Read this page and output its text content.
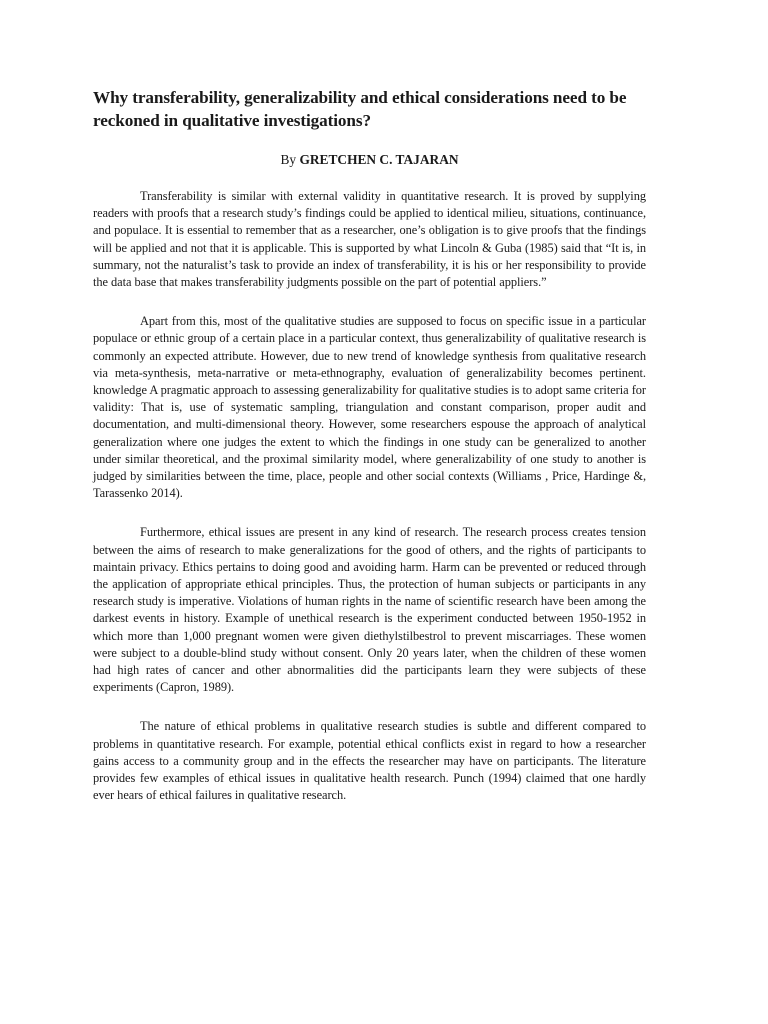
Why transferability, generalizability and ethical considerations need to be reckoned in qualitative investigations?
By GRETCHEN C. TAJARAN

Transferability is similar with external validity in quantitative research. It is proved by supplying readers with proofs that a research study’s findings could be applied to identical milieu, situations, continuance, and populace. It is essential to remember that as a researcher, one’s obligation is to give proofs that the findings will be applied and not that it is applicable. This is supported by what Lincoln & Guba (1985) said that “It is, in summary, not the naturalist’s task to provide an index of transferability, it is his or her responsibility to provide the data base that makes transferability judgments possible on the part of potential appliers.”

Apart from this, most of the qualitative studies are supposed to focus on specific issue in a particular populace or ethnic group of a certain place in a particular context, thus generalizability of qualitative research is commonly an expected attribute. However, due to new trend of knowledge synthesis from qualitative research via meta-synthesis, meta-narrative or meta-ethnography, evaluation of generalizability becomes pertinent. knowledge A pragmatic approach to assessing generalizability for qualitative studies is to adopt same criteria for validity: That is, use of systematic sampling, triangulation and constant comparison, proper audit and documentation, and multi-dimensional theory. However, some researchers espouse the approach of analytical generalization where one judges the extent to which the findings in one study can be generalized to another under similar theoretical, and the proximal similarity model, where generalizability of one study to another is judged by similarities between the time, place, people and other social contexts (Williams , Price, Hardinge &, Tarassenko 2014).

Furthermore, ethical issues are present in any kind of research. The research process creates tension between the aims of research to make generalizations for the good of others, and the rights of participants to maintain privacy. Ethics pertains to doing good and avoiding harm. Harm can be prevented or reduced through the application of appropriate ethical principles. Thus, the protection of human subjects or participants in any research study is imperative. Violations of human rights in the name of scientific research have been among the darkest events in history. Example of unethical research is the experiment conducted between 1950-1952 in which more than 1,000 pregnant women were given diethylstilbestrol to prevent miscarriages. These women were subject to a double-blind study without consent. Only 20 years later, when the children of these women had high rates of cancer and other abnormalities did the participants learn they were subjects of these experiments (Capron, 1989).

The nature of ethical problems in qualitative research studies is subtle and different compared to problems in quantitative research. For example, potential ethical conflicts exist in regard to how a researcher gains access to a community group and in the effects the researcher may have on participants. The literature provides few examples of ethical issues in qualitative health research. Punch (1994) claimed that one hardly ever hears of ethical failures in qualitative research.
